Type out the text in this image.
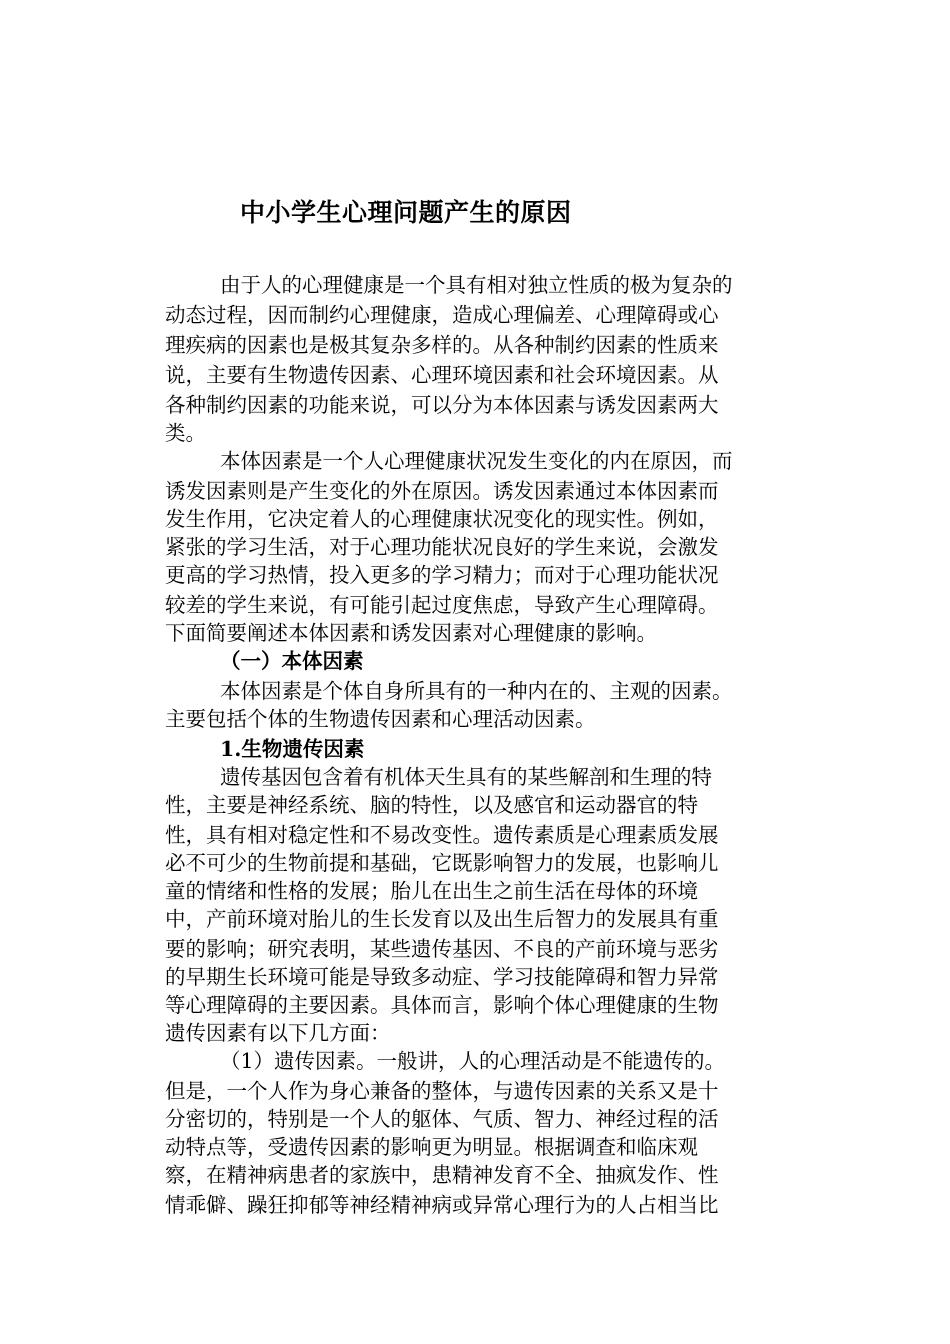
中小学生心理问题产生的原因
由于人的心理健康是一个具有相对独立性质的极为复杂的
动态过程，因而制约心理健康，造成心理偏差、心理障碍或心
理疾病的因素也是极其复杂多样的。从各种制约因素的性质来
说，主要有生物遗传因素、心理环境因素和社会环境因素。从
各种制约因素的功能来说，可以分为本体因素与诱发因素两大
类。
本体因素是一个人心理健康状况发生变化的内在原因，而
诱发因素则是产生变化的外在原因。诱发因素通过本体因素而
发生作用，它决定着人的心理健康状况变化的现实性。例如，
紧张的学习生活，对于心理功能状况良好的学生来说，会激发
更高的学习热情，投入更多的学习精力；而对于心理功能状况
较差的学生来说，有可能引起过度焦虑，导致产生心理障碍。
下面简要阐述本体因素和诱发因素对心理健康的影响。
（一）本体因素
本体因素是个体自身所具有的一种内在的、主观的因素。
主要包括个体的生物遗传因素和心理活动因素。
1.生物遗传因素
遗传基因包含着有机体天生具有的某些解剖和生理的特
性，主要是神经系统、脑的特性，以及感官和运动器官的特
性，具有相对稳定性和不易改变性。遗传素质是心理素质发展
必不可少的生物前提和基础，它既影响智力的发展，也影响儿
童的情绪和性格的发展；胎儿在出生之前生活在母体的环境
中，产前环境对胎儿的生长发育以及出生后智力的发展具有重
要的影响；研究表明，某些遗传基因、不良的产前环境与恶劣
的早期生长环境可能是导致多动症、学习技能障碍和智力异常
等心理障碍的主要因素。具体而言，影响个体心理健康的生物
遗传因素有以下几方面：
（1）遗传因素。一般讲，人的心理活动是不能遗传的。
但是，一个人作为身心兼备的整体，与遗传因素的关系又是十
分密切的，特别是一个人的躯体、气质、智力、神经过程的活
动特点等，受遗传因素的影响更为明显。根据调查和临床观
察，在精神病患者的家族中，患精神发育不全、抽疯发作、性
情乖僻、躁狂抑郁等神经精神病或异常心理行为的人占相当比
